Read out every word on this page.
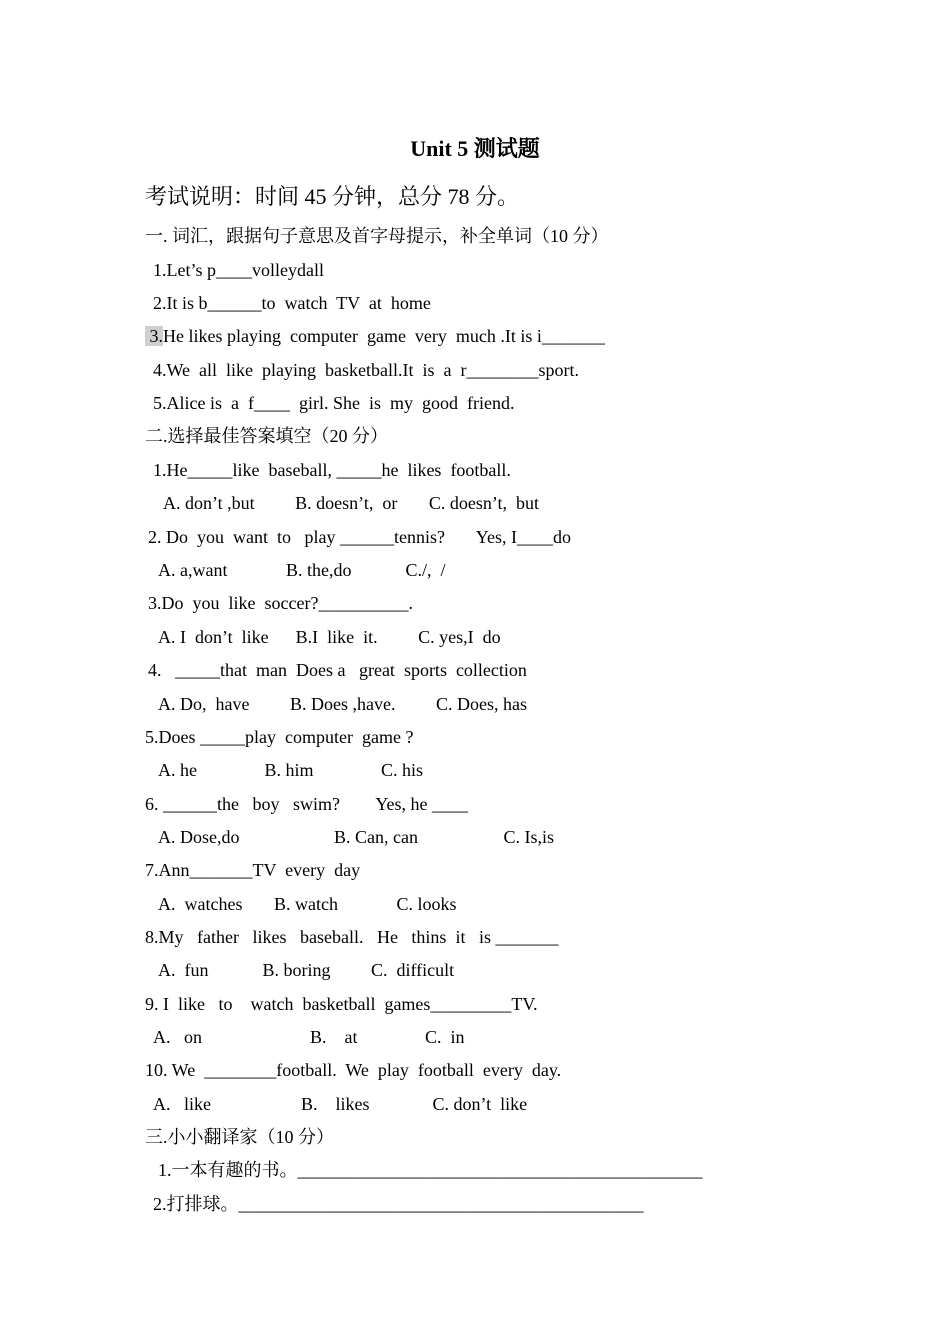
Unit 5 测试题
考试说明：时间 45 分钟，总分 78 分。
一. 词汇，跟据句子意思及首字母提示，补全单词（10 分）
1.Let’s p____volleydall
2.It is b______to  watch  TV  at  home
3.He likes playing  computer  game  very  much .It is i_______
4.We  all  like  playing  basketball.It  is  a  r________sport.
5.Alice is  a  f____  girl. She  is  my  good  friend.
二.选择最佳答案填空（20 分）
1.He_____like  baseball, _____he  likes  football.
A. don’t ,but         B. doesn’t,  or       C. doesn’t,  but
2. Do  you  want  to   play ______tennis?       Yes, I____do
A. a,want             B. the,do            C./,  /
3.Do  you  like  soccer?__________.
A. I  don’t  like      B.I  like  it.         C. yes,I  do
4.   _____that  man  Does a   great  sports  collection
A. Do,  have         B. Does ,have.         C. Does, has
5.Does _____play  computer  game ?
A. he               B. him               C. his
6. ______the   boy   swim?        Yes, he ____
A. Dose,do                     B. Can, can                   C. Is,is
7.Ann_______TV  every  day
A.  watches       B. watch             C. looks
8.My   father   likes   baseball.   He   thins  it   is _______
A.  fun            B. boring         C.  difficult
9. I  like   to    watch  basketball  games_________TV.
A.   on                        B.    at               C.  in
10. We  ________football.  We  play  football  every  day.
A.   like                    B.    likes              C. don’t  like
三.小小翻译家（10 分）
1.一本有趣的书。_____________________________________________
2.打排球。_____________________________________________
